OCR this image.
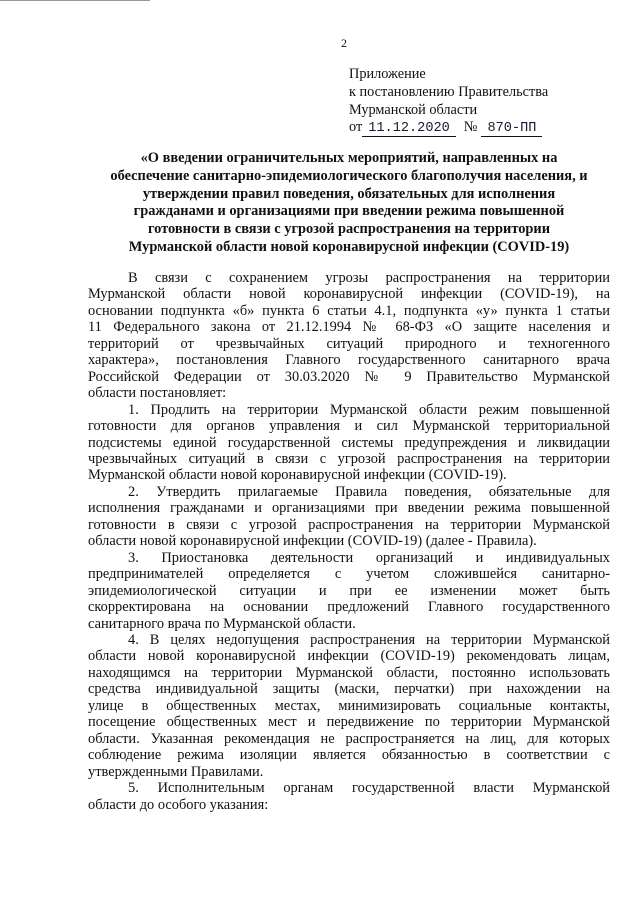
2
Приложение
к постановлению Правительства
Мурманской области
от 11.12.2020 № 870-ПП
«О введении ограничительных мероприятий, направленных на
обеспечение санитарно-эпидемиологического благополучия населения, и
утверждении правил поведения, обязательных для исполнения
гражданами и организациями при введении режима повышенной
готовности в связи с угрозой распространения на территории
Мурманской области новой коронавирусной инфекции (COVID-19)
В связи с сохранением угрозы распространения на территории
Мурманской области новой коронавирусной инфекции (COVID-19), на
основании подпункта «б» пункта 6 статьи 4.1, подпункта «у» пункта 1 статьи
11 Федерального закона от 21.12.1994 № 68-ФЗ «О защите населения и
территорий от чрезвычайных ситуаций природного и техногенного
характера», постановления Главного государственного санитарного врача
Российской Федерации от 30.03.2020 № 9 Правительство Мурманской
области постановляет:
1. Продлить на территории Мурманской области режим повышенной
готовности для органов управления и сил Мурманской территориальной
подсистемы единой государственной системы предупреждения и ликвидации
чрезвычайных ситуаций в связи с угрозой распространения на территории
Мурманской области новой коронавирусной инфекции (COVID-19).
2. Утвердить прилагаемые Правила поведения, обязательные для
исполнения гражданами и организациями при введении режима повышенной
готовности в связи с угрозой распространения на территории Мурманской
области новой коронавирусной инфекции (COVID-19) (далее - Правила).
3. Приостановка деятельности организаций и индивидуальных
предпринимателей определяется с учетом сложившейся санитарно-
эпидемиологической ситуации и при ее изменении может быть
скорректирована на основании предложений Главного государственного
санитарного врача по Мурманской области.
4. В целях недопущения распространения на территории Мурманской
области новой коронавирусной инфекции (COVID-19) рекомендовать лицам,
находящимся на территории Мурманской области, постоянно использовать
средства индивидуальной защиты (маски, перчатки) при нахождении на
улице в общественных местах, минимизировать социальные контакты,
посещение общественных мест и передвижение по территории Мурманской
области. Указанная рекомендация не распространяется на лиц, для которых
соблюдение режима изоляции является обязанностью в соответствии с
утвержденными Правилами.
5. Исполнительным органам государственной власти Мурманской
области до особого указания:
